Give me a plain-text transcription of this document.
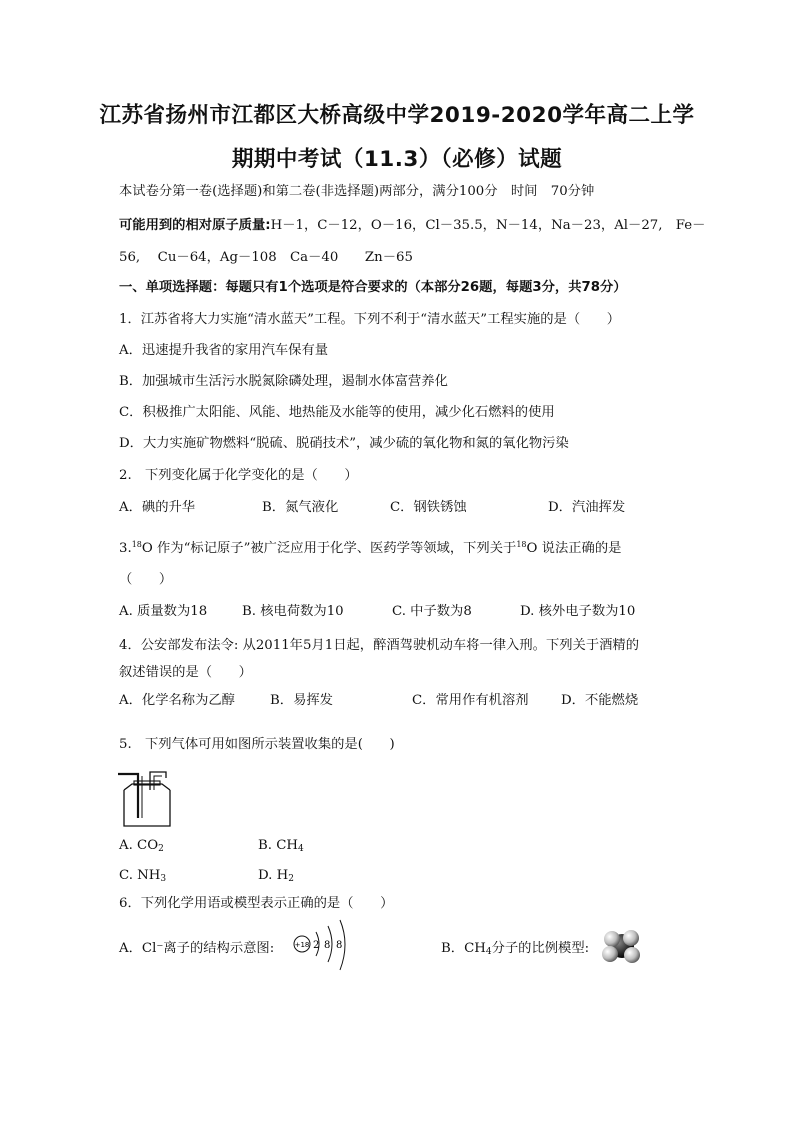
江苏省扬州市江都区大桥高级中学2019-2020学年高二上学
期期中考试（11.3）（必修）试题
本试卷分第一卷(选择题)和第二卷(非选择题)两部分，满分100分　时间　70分钟
可能用到的相对原子质量:H－1，C－12，O－16，Cl－35.5，N－14，Na－23，Al－27,　Fe－
56,　 Cu－64，Ag－108　Ca－40　　Zn－65
一、单项选择题：每题只有1个选项是符合要求的（本部分26题，每题3分，共78分）
1．江苏省将大力实施“清水蓝天”工程。下列不利于“清水蓝天”工程实施的是（　　）
A．迅速提升我省的家用汽车保有量
B．加强城市生活污水脱氮除磷处理，遏制水体富营养化
C．积极推广太阳能、风能、地热能及水能等的使用，减少化石燃料的使用
D．大力实施矿物燃料“脱硫、脱硝技术”，减少硫的氧化物和氮的氧化物污染
2.　下列变化属于化学变化的是（　　）
A．碘的升华	B．氮气液化	C．钢铁锈蚀	D．汽油挥发
3.18O 作为“标记原子”被广泛应用于化学、医药学等领域，下列关于$^{18}$O 说法正确的是
（　　）
A. 质量数为18	B. 核电荷数为10	C. 中子数为8	D. 核外电子数为10
4．公安部发布法令: 从2011年5月1日起，醉酒驾驶机动车将一律入刑。下列关于酒精的
叙述错误的是（　　）
A．化学名称为乙醇	B．易挥发	C．常用作有机溶剂 D．不能燃烧
5.　下列气体可用如图所示装置收集的是(　　)
A. $CO_2$	B. $CH_4$
C. $NH_3$	D. $H_2$
6．下列化学用语或模型表示正确的是（　　）
A．Cl⁻离子的结构示意图:	+18 2 8 8	B．$CH_4$分子的比例模型:
